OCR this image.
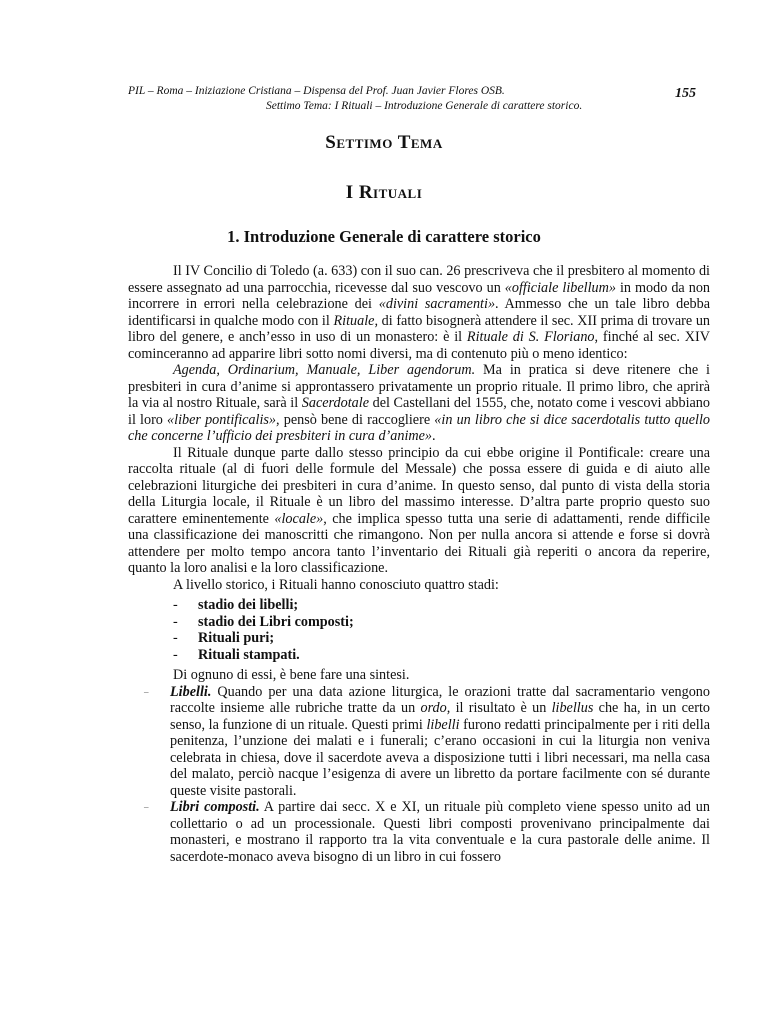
PIL – Roma – Iniziazione Cristiana – Dispensa del Prof. Juan Javier Flores OSB.
Settimo Tema: I Rituali – Introduzione Generale di carattere storico.
155
Settimo Tema
I Rituali
1. Introduzione Generale di carattere storico

Il IV Concilio di Toledo (a. 633) con il suo can. 26 prescriveva che il presbitero al momento di essere assegnato ad una parrocchia, ricevesse dal suo vescovo un «officiale libellum» in modo da non incorrere in errori nella celebrazione dei «divini sacramenti». Ammesso che un tale libro debba identificarsi in qualche modo con il Rituale, di fatto bisognerà attendere il sec. XII prima di trovare un libro del genere, e anch’esso in uso di un monastero: è il Rituale di S. Floriano, finché al sec. XIV cominceranno ad apparire libri sotto nomi diversi, ma di contenuto più o meno identico:

Agenda, Ordinarium, Manuale, Liber agendorum. Ma in pratica si deve ritenere che i presbiteri in cura d’anime si approntassero privatamente un proprio rituale. Il primo libro, che aprirà la via al nostro Rituale, sarà il Sacerdotale del Castellani del 1555, che, notato come i vescovi abbiano il loro «liber pontificalis», pensò bene di raccogliere «in un libro che si dice sacerdotalis tutto quello che concerne l’ufficio dei presbiteri in cura d’anime».

Il Rituale dunque parte dallo stesso principio da cui ebbe origine il Pontificale: creare una raccolta rituale (al di fuori delle formule del Messale) che possa essere di guida e di aiuto alle celebrazioni liturgiche dei presbiteri in cura d’anime. In questo senso, dal punto di vista della storia della Liturgia locale, il Rituale è un libro del massimo interesse. D’altra parte proprio questo suo carattere eminentemente «locale», che implica spesso tutta una serie di adattamenti, rende difficile una classificazione dei manoscritti che rimangono. Non per nulla ancora si attende e forse si dovrà attendere per molto tempo ancora tanto l’inventario dei Rituali già reperiti o ancora da reperire, quanto la loro analisi e la loro classificazione.

A livello storico, i Rituali hanno conosciuto quattro stadi:

- stadio dei libelli;
- stadio dei Libri composti;
- Rituali puri;
- Rituali stampati.

Di ognuno di essi, è bene fare una sintesi.

– Libelli. Quando per una data azione liturgica, le orazioni tratte dal sacramentario vengono raccolte insieme alle rubriche tratte da un ordo, il risultato è un libellus che ha, in un certo senso, la funzione di un rituale. Questi primi libelli furono redatti principalmente per i riti della penitenza, l’unzione dei malati e i funerali; c’erano occasioni in cui la liturgia non veniva celebrata in chiesa, dove il sacerdote aveva a disposizione tutti i libri necessari, ma nella casa del malato, perciò nacque l’esigenza di avere un libretto da portare facilmente con sé durante queste visite pastorali.

– Libri composti. A partire dai secc. X e XI, un rituale più completo viene spesso unito ad un collettario o ad un processionale. Questi libri composti provenivano principalmente dai monasteri, e mostrano il rapporto tra la vita conventuale e la cura pastorale delle anime. Il sacerdote-monaco aveva bisogno di un libro in cui fossero
